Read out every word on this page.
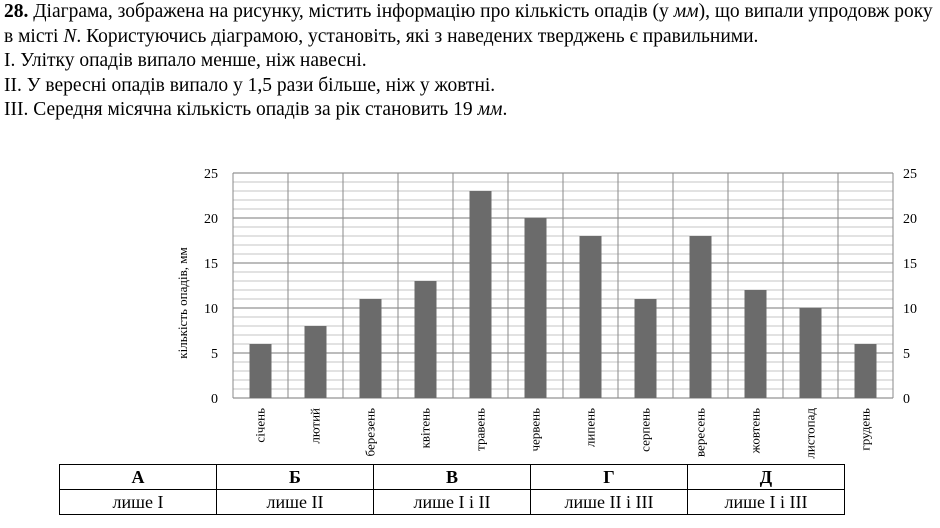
28. Діаграма, зображена на рисунку, містить інформацію про кількість опадів (у мм), що випали упродовж року в місті N. Користуючись діаграмою, установіть, які з наведених тверджень є правильними.

I. Улітку опадів випало менше, ніж навесні.

II. У вересні опадів випало у 1,5 рази більше, ніж у жовтні.

III. Середня місячна кількість опадів за рік становить 19 мм.

0
5
10
15
20
25
0
5
10
15
20
25
січень	лютий	березень	квітень	травень	червень	липень	серпень	вересень	жовтень	листопад	грудень
кількість опадів, мм
А	Б	В	Г	Д
лише І	лише ІІ	лише І і ІІ	лише ІІ і ІІІ	лише І і ІІІ
